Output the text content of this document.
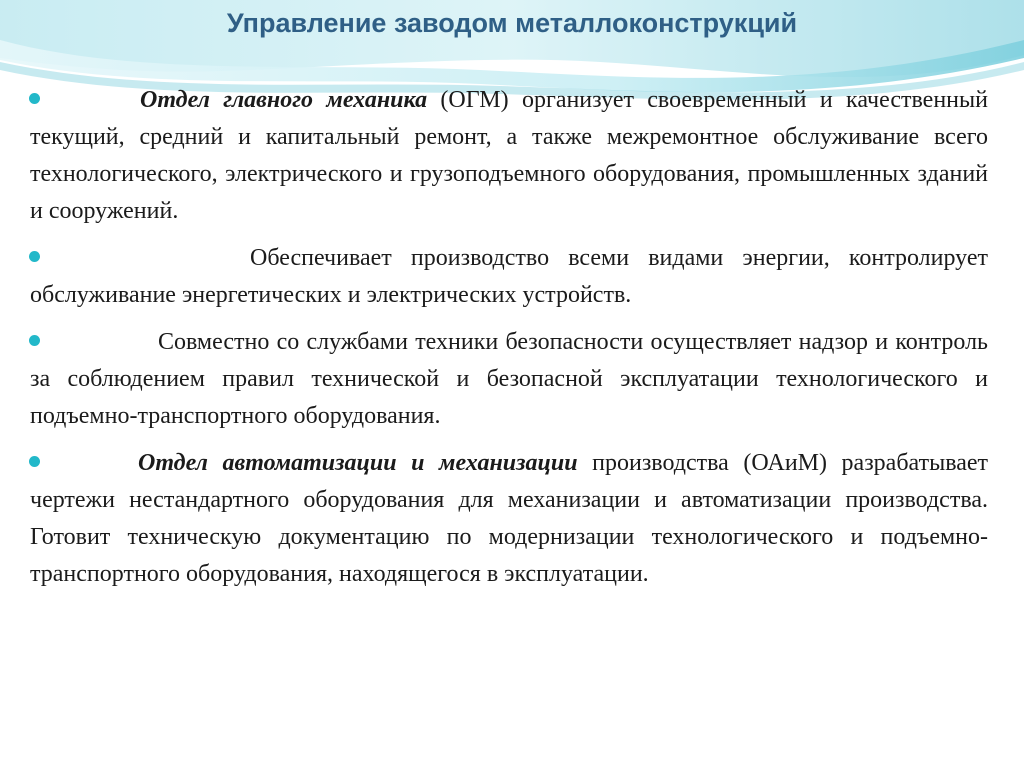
Управление заводом металлоконструкций
Отдел главного механика (ОГМ) организует своевременный и качественный текущий, средний и капитальный ремонт, а также межремонтное обслуживание всего технологического, электрического и грузоподъемного оборудования, промышленных зданий и сооружений.
Обеспечивает производство всеми видами энергии, контролирует обслуживание энергетических и электрических устройств.
Совместно со службами техники безопасности осуществляет надзор и контроль за соблюдением правил технической и безопасной эксплуатации технологического и подъемно-транспортного оборудования.
Отдел автоматизации и механизации производства (ОАиМ) разрабатывает чертежи нестандартного оборудования для механизации и автоматизации производства. Готовит техническую документацию по модернизации технологического и подъемно-транспортного оборудования, находящегося в эксплуатации.
